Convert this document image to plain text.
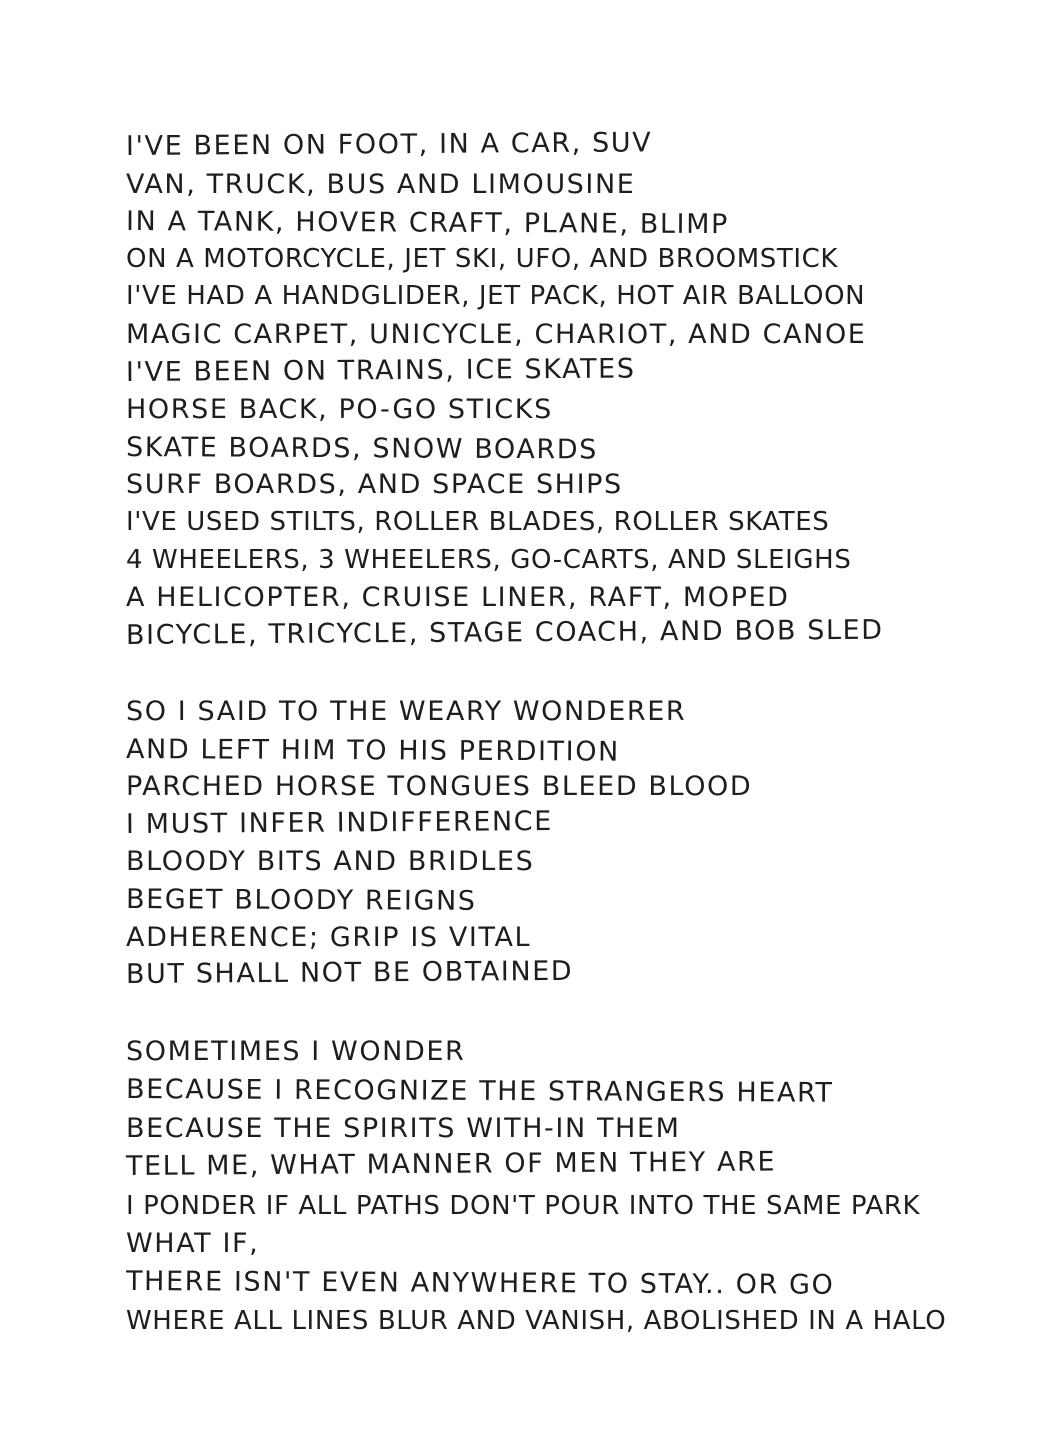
I'VE BEEN ON FOOT, IN A CAR, SUV
VAN, TRUCK, BUS AND LIMOUSINE
IN A TANK, HOVER CRAFT, PLANE, BLIMP
ON A MOTORCYCLE, JET SKI, UFO, AND BROOMSTICK
I'VE HAD A HANDGLIDER, JET PACK, HOT AIR BALLOON
MAGIC CARPET, UNICYCLE, CHARIOT, AND CANOE
I'VE BEEN ON TRAINS, ICE SKATES
HORSE BACK, PO-GO STICKS
SKATE BOARDS, SNOW BOARDS
SURF BOARDS, AND SPACE SHIPS
I'VE USED STILTS, ROLLER BLADES, ROLLER SKATES
4 WHEELERS, 3 WHEELERS, GO-CARTS, AND SLEIGHS
A HELICOPTER, CRUISE LINER, RAFT, MOPED
BICYCLE, TRICYCLE, STAGE COACH, AND BOB SLED
SO I SAID TO THE WEARY WONDERER
AND LEFT HIM TO HIS PERDITION
PARCHED HORSE TONGUES BLEED BLOOD
I MUST INFER INDIFFERENCE
BLOODY BITS AND BRIDLES
BEGET BLOODY REIGNS
ADHERENCE; GRIP IS VITAL
BUT SHALL NOT BE OBTAINED
SOMETIMES I WONDER
BECAUSE I RECOGNIZE THE STRANGERS HEART
BECAUSE THE SPIRITS WITH-IN THEM
TELL ME, WHAT MANNER OF MEN THEY ARE
I PONDER IF ALL PATHS DON'T POUR INTO THE SAME PARK
WHAT IF,
THERE ISN'T EVEN ANYWHERE TO STAY.. OR GO
WHERE ALL LINES BLUR AND VANISH, ABOLISHED IN A HALO
